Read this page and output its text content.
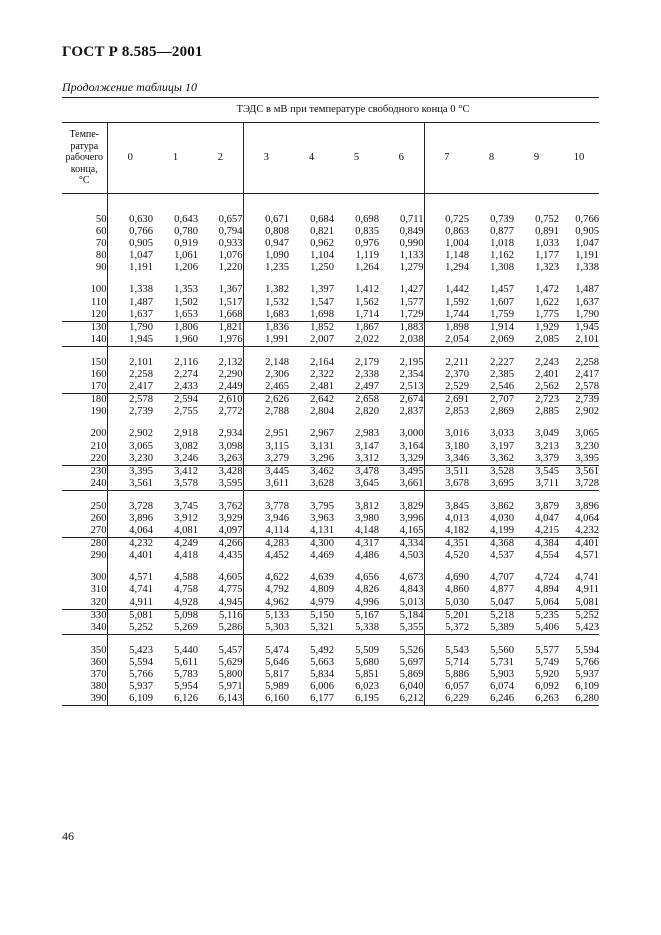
ГОСТ Р 8.585—2001
Продолжение таблицы 10
	ТЭДС в мВ при температуре свободного конца 0 °С										
Темпе-
ратура
рабочего
конца,
°С	0	1	2	3	4	5	6	7	8	9	10

50	0,630	0,643	0,657	0,671	0,684	0,698	0,711	0,725	0,739	0,752	0,766
60	0,766	0,780	0,794	0,808	0,821	0,835	0,849	0,863	0,877	0,891	0,905
70	0,905	0,919	0,933	0,947	0,962	0,976	0,990	1,004	1,018	1,033	1,047
80	1,047	1,061	1,076	1,090	1,104	1,119	1,133	1,148	1,162	1,177	1,191
90	1,191	1,206	1,220	1,235	1,250	1,264	1,279	1,294	1,308	1,323	1,338

100	1,338	1,353	1,367	1,382	1,397	1,412	1,427	1,442	1,457	1,472	1,487
110	1,487	1,502	1,517	1,532	1,547	1,562	1,577	1,592	1,607	1,622	1,637
120	1,637	1,653	1,668	1,683	1,698	1,714	1,729	1,744	1,759	1,775	1,790
130	1,790	1,806	1,821	1,836	1,852	1,867	1,883	1,898	1,914	1,929	1,945
140	1,945	1,960	1,976	1,991	2,007	2,022	2,038	2,054	2,069	2,085	2,101

150	2,101	2,116	2,132	2,148	2,164	2,179	2,195	2,211	2,227	2,243	2,258
160	2,258	2,274	2,290	2,306	2,322	2,338	2,354	2,370	2,385	2,401	2,417
170	2,417	2,433	2,449	2,465	2,481	2,497	2,513	2,529	2,546	2,562	2,578
180	2,578	2,594	2,610	2,626	2,642	2,658	2,674	2,691	2,707	2,723	2,739
190	2,739	2,755	2,772	2,788	2,804	2,820	2,837	2,853	2,869	2,885	2,902

200	2,902	2,918	2,934	2,951	2,967	2,983	3,000	3,016	3,033	3,049	3,065
210	3,065	3,082	3,098	3,115	3,131	3,147	3,164	3,180	3,197	3,213	3,230
220	3,230	3,246	3,263	3,279	3,296	3,312	3,329	3,346	3,362	3,379	3,395
230	3,395	3,412	3,428	3,445	3,462	3,478	3,495	3,511	3,528	3,545	3,561
240	3,561	3,578	3,595	3,611	3,628	3,645	3,661	3,678	3,695	3,711	3,728

250	3,728	3,745	3,762	3,778	3,795	3,812	3,829	3,845	3,862	3,879	3,896
260	3,896	3,912	3,929	3,946	3,963	3,980	3,996	4,013	4,030	4,047	4,064
270	4,064	4,081	4,097	4,114	4,131	4,148	4,165	4,182	4,199	4,215	4,232
280	4,232	4,249	4,266	4,283	4,300	4,317	4,334	4,351	4,368	4,384	4,401
290	4,401	4,418	4,435	4,452	4,469	4,486	4,503	4,520	4,537	4,554	4,571

300	4,571	4,588	4,605	4,622	4,639	4,656	4,673	4,690	4,707	4,724	4,741
310	4,741	4,758	4,775	4,792	4,809	4,826	4,843	4,860	4,877	4,894	4,911
320	4,911	4,928	4,945	4,962	4,979	4,996	5,013	5,030	5,047	5,064	5,081
330	5,081	5,098	5,116	5,133	5,150	5,167	5,184	5,201	5,218	5,235	5,252
340	5,252	5,269	5,286	5,303	5,321	5,338	5,355	5,372	5,389	5,406	5,423

350	5,423	5,440	5,457	5,474	5,492	5,509	5,526	5,543	5,560	5,577	5,594
360	5,594	5,611	5,629	5,646	5,663	5,680	5,697	5,714	5,731	5,749	5,766
370	5,766	5,783	5,800	5,817	5,834	5,851	5,869	5,886	5,903	5,920	5,937
380	5,937	5,954	5,971	5,989	6,006	6,023	6,040	6,057	6,074	6,092	6,109
390	6,109	6,126	6,143	6,160	6,177	6,195	6,212	6,229	6,246	6,263	6,280
46
